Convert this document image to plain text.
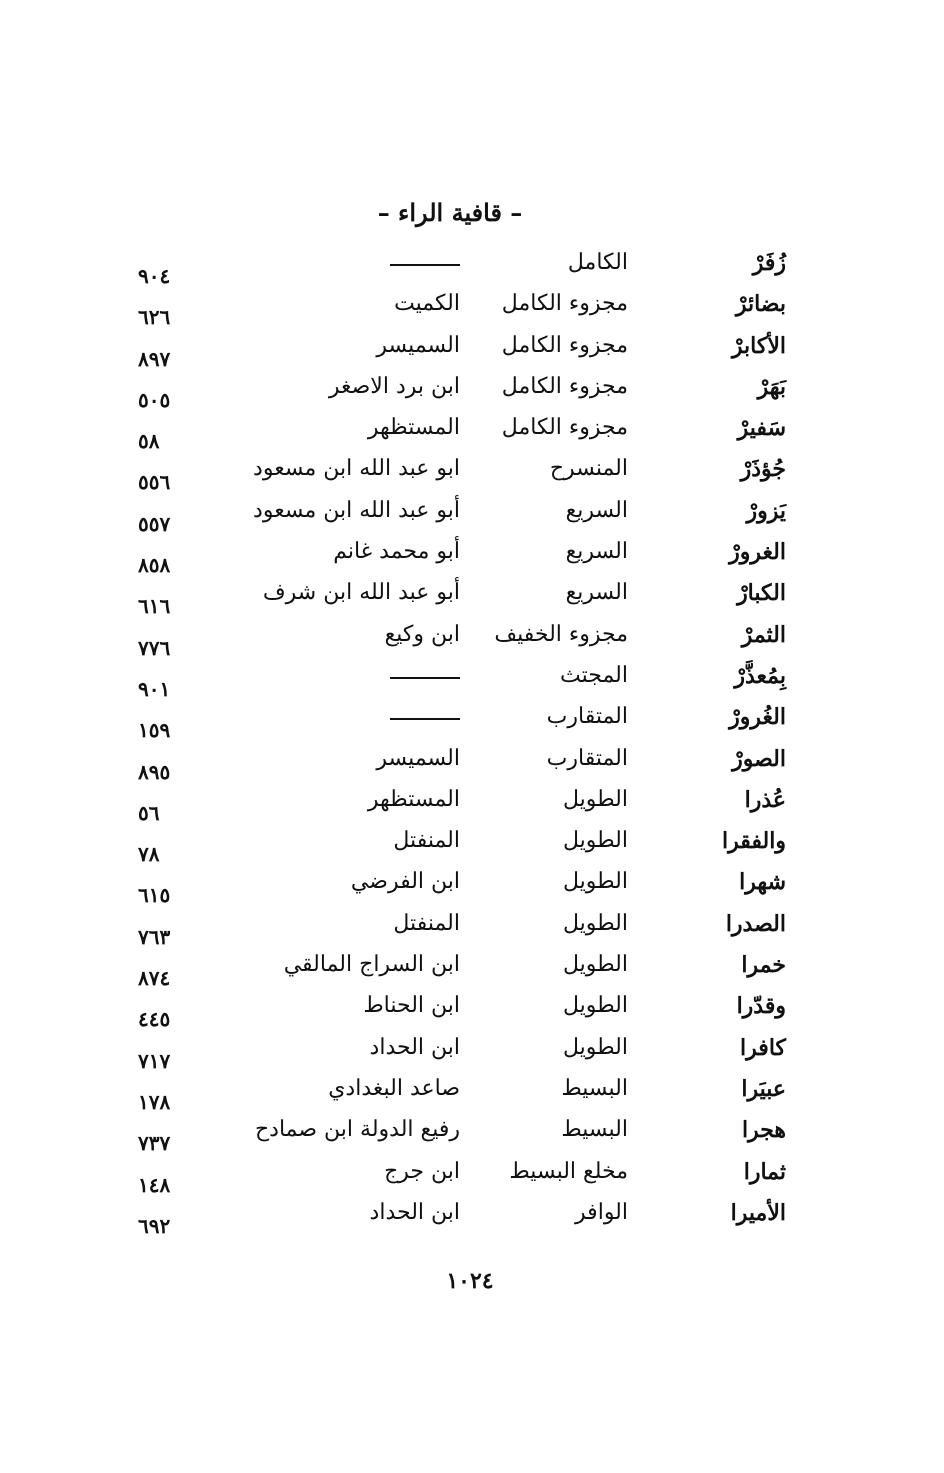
– قافية الراء –
زُفَرْ
الكامل
٩٠٤
بضائرْ
مجزوء الكامل
الكميت
٦٢٦
الأكابرْ
مجزوء الكامل
السميسر
٨٩٧
بَهَرْ
مجزوء الكامل
ابن برد الاصغر
٥٠٥
سَفيرْ
مجزوء الكامل
المستظهر
٥٨
جُؤذَرْ
المنسرح
ابو عبد الله ابن مسعود
٥٥٦
يَزورْ
السريع
أبو عبد الله ابن مسعود
٥٥٧
الغرورْ
السريع
أبو محمد غانم
٨٥٨
الكبارْ
السريع
أبو عبد الله ابن شرف
٦١٦
الثمرْ
مجزوء الخفيف
ابن وكيع
٧٧٦
بِمُعذَّرْ
المجتث
٩٠١
الغُرورْ
المتقارب
١٥٩
الصورْ
المتقارب
السميسر
٨٩٥
عُذرا
الطويل
المستظهر
٥٦
والفقرا
الطويل
المنفتل
٧٨
شهرا
الطويل
ابن الفرضي
٦١٥
الصدرا
الطويل
المنفتل
٧٦٣
خمرا
الطويل
ابن السراج المالقي
٨٧٤
وقدّرا
الطويل
ابن الحناط
٤٤٥
كافرا
الطويل
ابن الحداد
٧١٧
عبيَرا
البسيط
صاعد البغدادي
١٧٨
هجرا
البسيط
رفيع الدولة ابن صمادح
٧٣٧
ثمارا
مخلع البسيط
ابن جرج
١٤٨
الأميرا
الوافر
ابن الحداد
٦٩٢
١٠٢٤
